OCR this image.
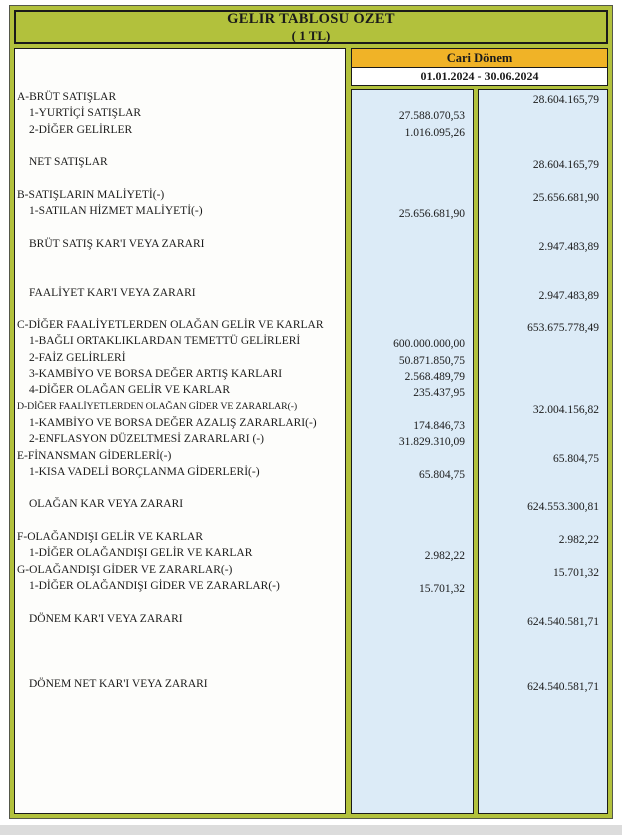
GELIR TABLOSU ÖZET
( 1 TL)
A-BRÜT SATIŞLAR
1-YURTİÇİ SATIŞLAR
2-DİĞER GELİRLER
NET SATIŞLAR
B-SATIŞLARIN MALİYETİ(-)
1-SATILAN HİZMET MALİYETİ(-)
BRÜT SATIŞ KAR'I VEYA ZARARI
FAALİYET KAR'I VEYA ZARARI
C-DİĞER FAALİYETLERDEN OLAĞAN GELİR VE KARLAR
1-BAĞLI ORTAKLIKLARDAN TEMETTÜ GELİRLERİ
2-FAİZ GELİRLERİ
3-KAMBİYO VE BORSA DEĞER ARTIŞ KARLARI
4-DİĞER OLAĞAN GELİR VE KARLAR
D-DİĞER FAALİYETLERDEN OLAĞAN GİDER VE ZARARLAR(-)
1-KAMBİYO VE BORSA DEĞER AZALIŞ ZARARLARI(-)
2-ENFLASYON DÜZELTMESİ ZARARLARI (-)
E-FİNANSMAN GİDERLERİ(-)
1-KISA VADELİ BORÇLANMA GİDERLERİ(-)
OLAĞAN KAR VEYA ZARARI
F-OLAĞANDIŞI GELİR VE KARLAR
1-DİĞER OLAĞANDIŞI GELİR VE KARLAR
G-OLAĞANDIŞI GİDER VE ZARARLAR(-)
1-DİĞER OLAĞANDIŞI GİDER VE ZARARLAR(-)
DÖNEM KAR'I VEYA ZARARI
DÖNEM NET KAR'I VEYA ZARARI
Cari Dönem
01.01.2024 - 30.06.2024
27.588.070,53
1.016.095,26
25.656.681,90
600.000.000,00
50.871.850,75
2.568.489,79
235.437,95
174.846,73
31.829.310,09
65.804,75
2.982,22
15.701,32
28.604.165,79
28.604.165,79
25.656.681,90
2.947.483,89
2.947.483,89
653.675.778,49
32.004.156,82
65.804,75
624.553.300,81
2.982,22
15.701,32
624.540.581,71
624.540.581,71
